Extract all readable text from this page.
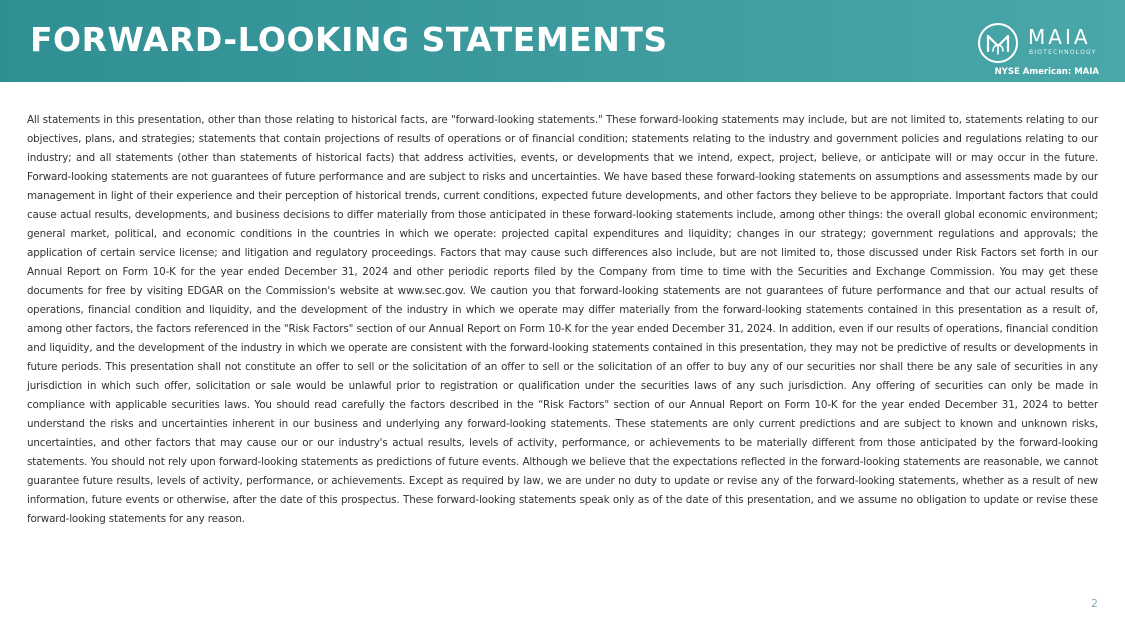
FORWARD-LOOKING STATEMENTS	MAIA
BIOTECHNOLOGY
NYSE American: MAIA

All statements in this presentation, other than those relating to historical facts, are "forward-looking statements." These forward-looking statements may include, but are not limited to, statements relating to our objectives, plans, and strategies; statements that contain projections of results of operations or of financial condition; statements relating to the industry and government policies and regulations relating to our industry; and all statements (other than statements of historical facts) that address activities, events, or developments that we intend, expect, project, believe, or anticipate will or may occur in the future. Forward-looking statements are not guarantees of future performance and are subject to risks and uncertainties. We have based these forward-looking statements on assumptions and assessments made by our management in light of their experience and their perception of historical trends, current conditions, expected future developments, and other factors they believe to be appropriate. Important factors that could cause actual results, developments, and business decisions to differ materially from those anticipated in these forward-looking statements include, among other things: the overall global economic environment; general market, political, and economic conditions in the countries in which we operate: projected capital expenditures and liquidity; changes in our strategy; government regulations and approvals; the application of certain service license; and litigation and regulatory proceedings. Factors that may cause such differences also include, but are not limited to, those discussed under Risk Factors set forth in our Annual Report on Form 10-K for the year ended December 31, 2024 and other periodic reports filed by the Company from time to time with the Securities and Exchange Commission. You may get these documents for free by visiting EDGAR on the Commission's website at www.sec.gov. We caution you that forward-looking statements are not guarantees of future performance and that our actual results of operations, financial condition and liquidity, and the development of the industry in which we operate may differ materially from the forward-looking statements contained in this presentation as a result of, among other factors, the factors referenced in the "Risk Factors" section of our Annual Report on Form 10-K for the year ended December 31, 2024. In addition, even if our results of operations, financial condition and liquidity, and the development of the industry in which we operate are consistent with the forward-looking statements contained in this presentation, they may not be predictive of results or developments in future periods. This presentation shall not constitute an offer to sell or the solicitation of an offer to sell or the solicitation of an offer to buy any of our securities nor shall there be any sale of securities in any jurisdiction in which such offer, solicitation or sale would be unlawful prior to registration or qualification under the securities laws of any such jurisdiction. Any offering of securities can only be made in compliance with applicable securities laws. You should read carefully the factors described in the “Risk Factors" section of our Annual Report on Form 10-K for the year ended December 31, 2024 to better understand the risks and uncertainties inherent in our business and underlying any forward-looking statements. These statements are only current predictions and are subject to known and unknown risks, uncertainties, and other factors that may cause our or our industry's actual results, levels of activity, performance, or achievements to be materially different from those anticipated by the forward-looking statements. You should not rely upon forward-looking statements as predictions of future events. Although we believe that the expectations reflected in the forward-looking statements are reasonable, we cannot guarantee future results, levels of activity, performance, or achievements. Except as required by law, we are under no duty to update or revise any of the forward-looking statements, whether as a result of new information, future events or otherwise, after the date of this prospectus. These forward-looking statements speak only as of the date of this presentation, and we assume no obligation to update or revise these forward-looking statements for any reason.

2
